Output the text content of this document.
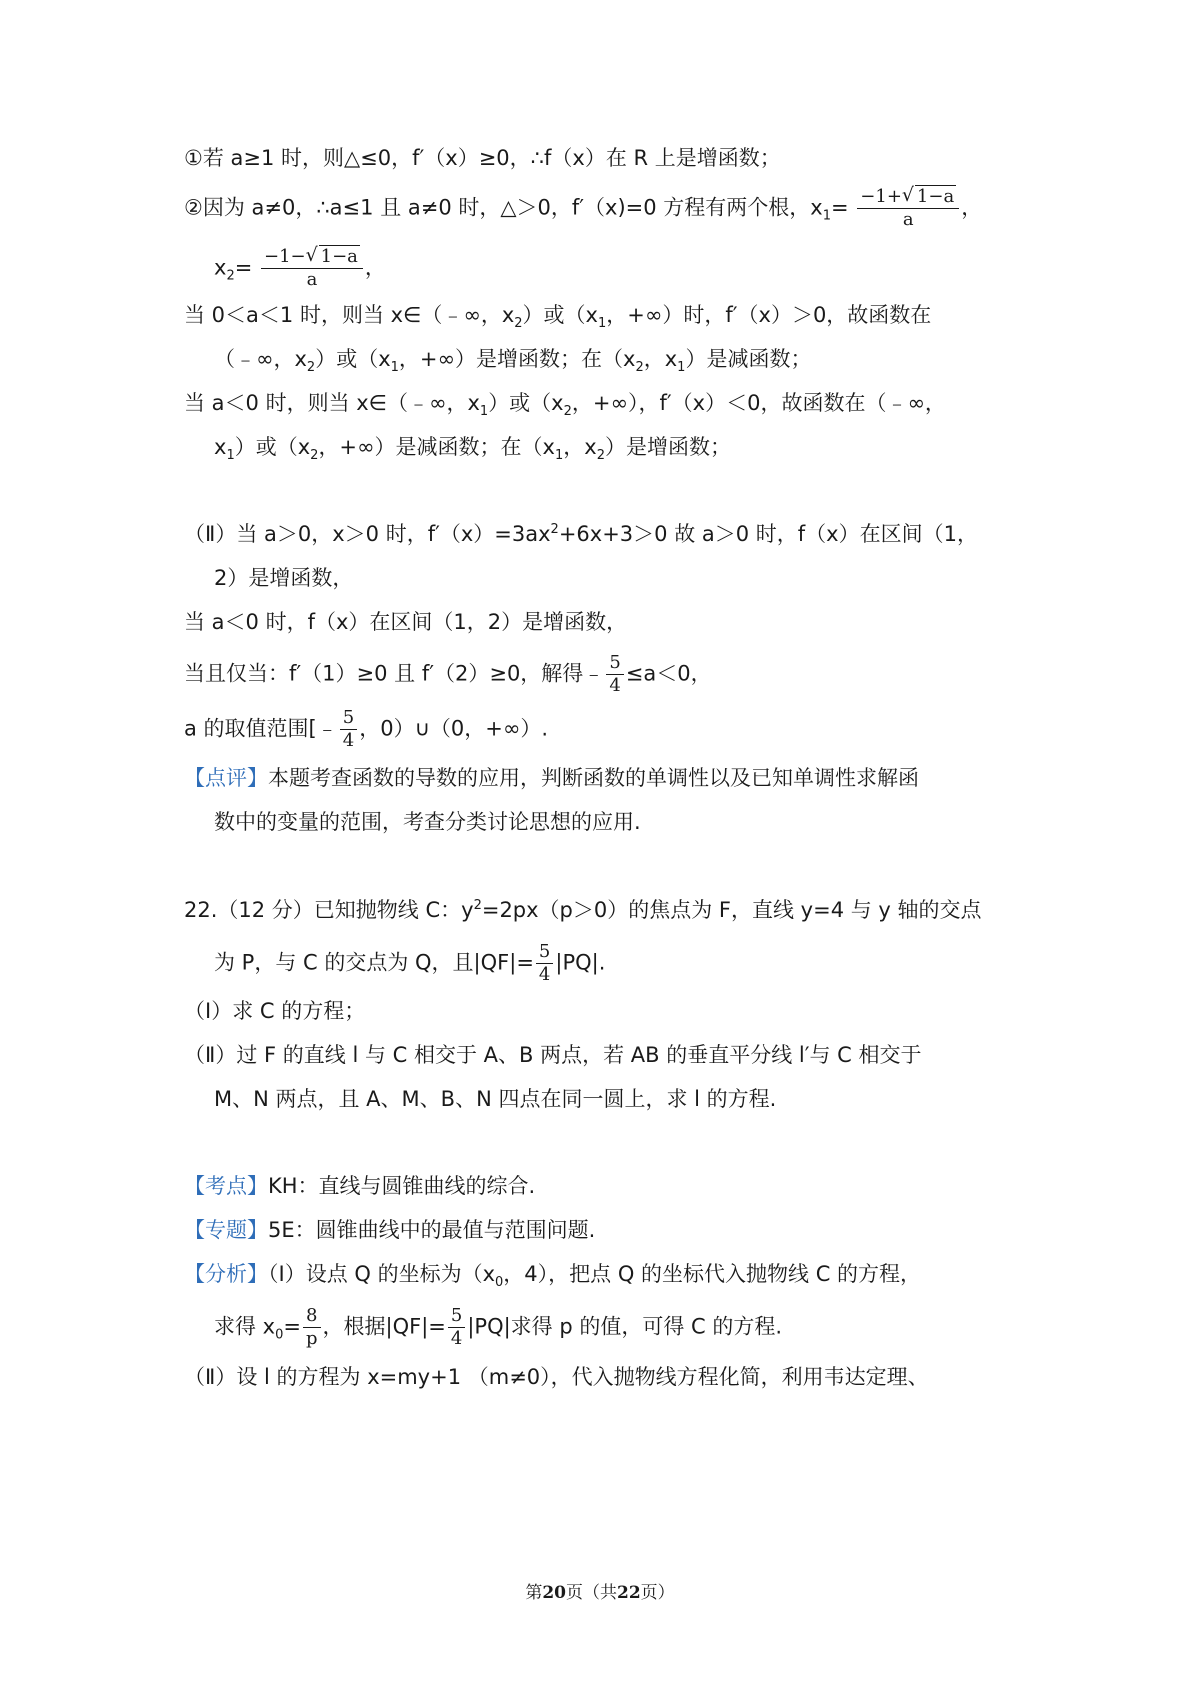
①若 a≥1 时，则△≤0，f′（x）≥0，∴f（x）在 R 上是增函数；
②因为 a≠0，∴a≤1 且 a≠0 时，△＞0，f′（x)=0 方程有两个根，$x_1= \frac{-1+ √ 1-a}{a}$ ，
$x_2= \frac{-1- √ 1-a}{a}$ ，
当 0＜a＜1 时，则当 x∈（﹣∞，$x_2$）或（$x_1$，+∞）时，f′（x）＞0，故函数在
（﹣∞，$x_2$）或（$x_1$，+∞）是增函数；在（$x_2$，$x_1$）是减函数；
当 a＜0 时，则当 x∈（﹣∞，$x_1$）或（$x_2$，+∞），f′（x）＜0，故函数在（﹣∞，
$x_1$）或（$x_2$，+∞）是减函数；在（$x_1$，$x_2$）是增函数；
（Ⅱ）当 a＞0，x＞0 时，$f'(x)=3ax^2+6x+3>0$ 故 a＞0 时，f（x）在区间（1，
2）是增函数，
当 a＜0 时，f（x）在区间（1，2）是增函数，
当且仅当：f′（1）≥0 且 f′（2）≥0，解得﹣ $\frac{5}{4} \le a<0$，
a 的取值范围[﹣ $\frac{5}{4}$ ，0）∪（0，+∞）.
【点评】本题考查函数的导数的应用，判断函数的单调性以及已知单调性求解函
数中的变量的范围，考查分类讨论思想的应用.
22.（12 分）已知抛物线 C：$y^2=2px(p>0)$的焦点为 F，直线 y=4 与 y 轴的交点
为 P，与 C 的交点为 Q，且$|QF|= \frac{5}{4} |PQ|$.
（Ⅰ）求 C 的方程；
（Ⅱ）过 F 的直线 l 与 C 相交于 A、B 两点，若 AB 的垂直平分线 l′与 C 相交于
M、N 两点，且 A、M、B、N 四点在同一圆上，求 l 的方程.
【考点】KH：直线与圆锥曲线的综合.
【专题】5E：圆锥曲线中的最值与范围问题.
【分析】（Ⅰ）设点 Q 的坐标为（$x_0$，4），把点 Q 的坐标代入抛物线 C 的方程，
求得 $x_0= \frac{8}{p}$ ，根据$|QF|= \frac{5}{4} |PQ|$求得 p 的值，可得 C 的方程.
（Ⅱ）设 l 的方程为 x=my+1 （m≠0），代入抛物线方程化简，利用韦达定理、
第20页（共22页）
